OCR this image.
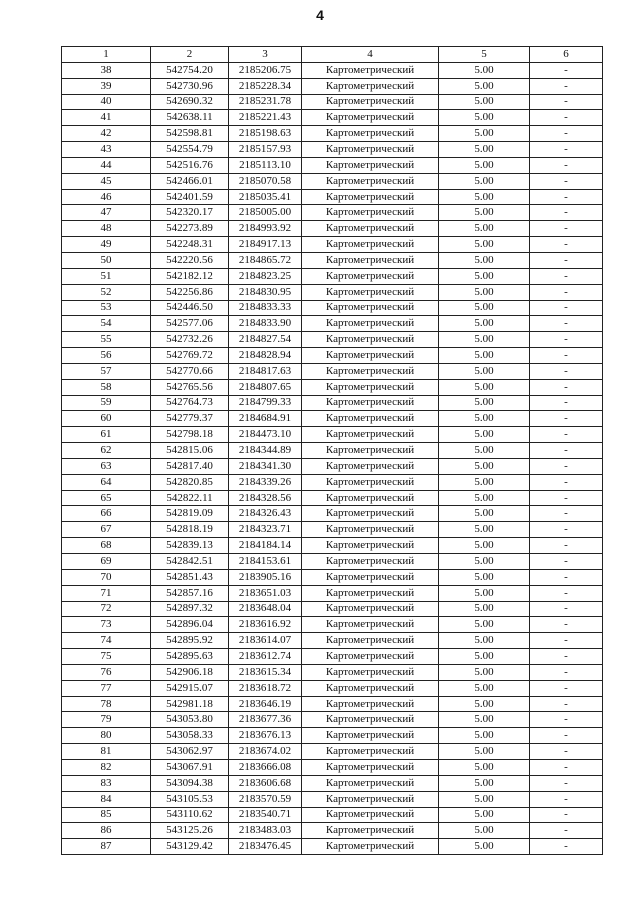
4
1	2	3	4	5	6
38	542754.20	2185206.75	Картометрический	5.00	-
39	542730.96	2185228.34	Картометрический	5.00	-
40	542690.32	2185231.78	Картометрический	5.00	-
41	542638.11	2185221.43	Картометрический	5.00	-
42	542598.81	2185198.63	Картометрический	5.00	-
43	542554.79	2185157.93	Картометрический	5.00	-
44	542516.76	2185113.10	Картометрический	5.00	-
45	542466.01	2185070.58	Картометрический	5.00	-
46	542401.59	2185035.41	Картометрический	5.00	-
47	542320.17	2185005.00	Картометрический	5.00	-
48	542273.89	2184993.92	Картометрический	5.00	-
49	542248.31	2184917.13	Картометрический	5.00	-
50	542220.56	2184865.72	Картометрический	5.00	-
51	542182.12	2184823.25	Картометрический	5.00	-
52	542256.86	2184830.95	Картометрический	5.00	-
53	542446.50	2184833.33	Картометрический	5.00	-
54	542577.06	2184833.90	Картометрический	5.00	-
55	542732.26	2184827.54	Картометрический	5.00	-
56	542769.72	2184828.94	Картометрический	5.00	-
57	542770.66	2184817.63	Картометрический	5.00	-
58	542765.56	2184807.65	Картометрический	5.00	-
59	542764.73	2184799.33	Картометрический	5.00	-
60	542779.37	2184684.91	Картометрический	5.00	-
61	542798.18	2184473.10	Картометрический	5.00	-
62	542815.06	2184344.89	Картометрический	5.00	-
63	542817.40	2184341.30	Картометрический	5.00	-
64	542820.85	2184339.26	Картометрический	5.00	-
65	542822.11	2184328.56	Картометрический	5.00	-
66	542819.09	2184326.43	Картометрический	5.00	-
67	542818.19	2184323.71	Картометрический	5.00	-
68	542839.13	2184184.14	Картометрический	5.00	-
69	542842.51	2184153.61	Картометрический	5.00	-
70	542851.43	2183905.16	Картометрический	5.00	-
71	542857.16	2183651.03	Картометрический	5.00	-
72	542897.32	2183648.04	Картометрический	5.00	-
73	542896.04	2183616.92	Картометрический	5.00	-
74	542895.92	2183614.07	Картометрический	5.00	-
75	542895.63	2183612.74	Картометрический	5.00	-
76	542906.18	2183615.34	Картометрический	5.00	-
77	542915.07	2183618.72	Картометрический	5.00	-
78	542981.18	2183646.19	Картометрический	5.00	-
79	543053.80	2183677.36	Картометрический	5.00	-
80	543058.33	2183676.13	Картометрический	5.00	-
81	543062.97	2183674.02	Картометрический	5.00	-
82	543067.91	2183666.08	Картометрический	5.00	-
83	543094.38	2183606.68	Картометрический	5.00	-
84	543105.53	2183570.59	Картометрический	5.00	-
85	543110.62	2183540.71	Картометрический	5.00	-
86	543125.26	2183483.03	Картометрический	5.00	-
87	543129.42	2183476.45	Картометрический	5.00	-
